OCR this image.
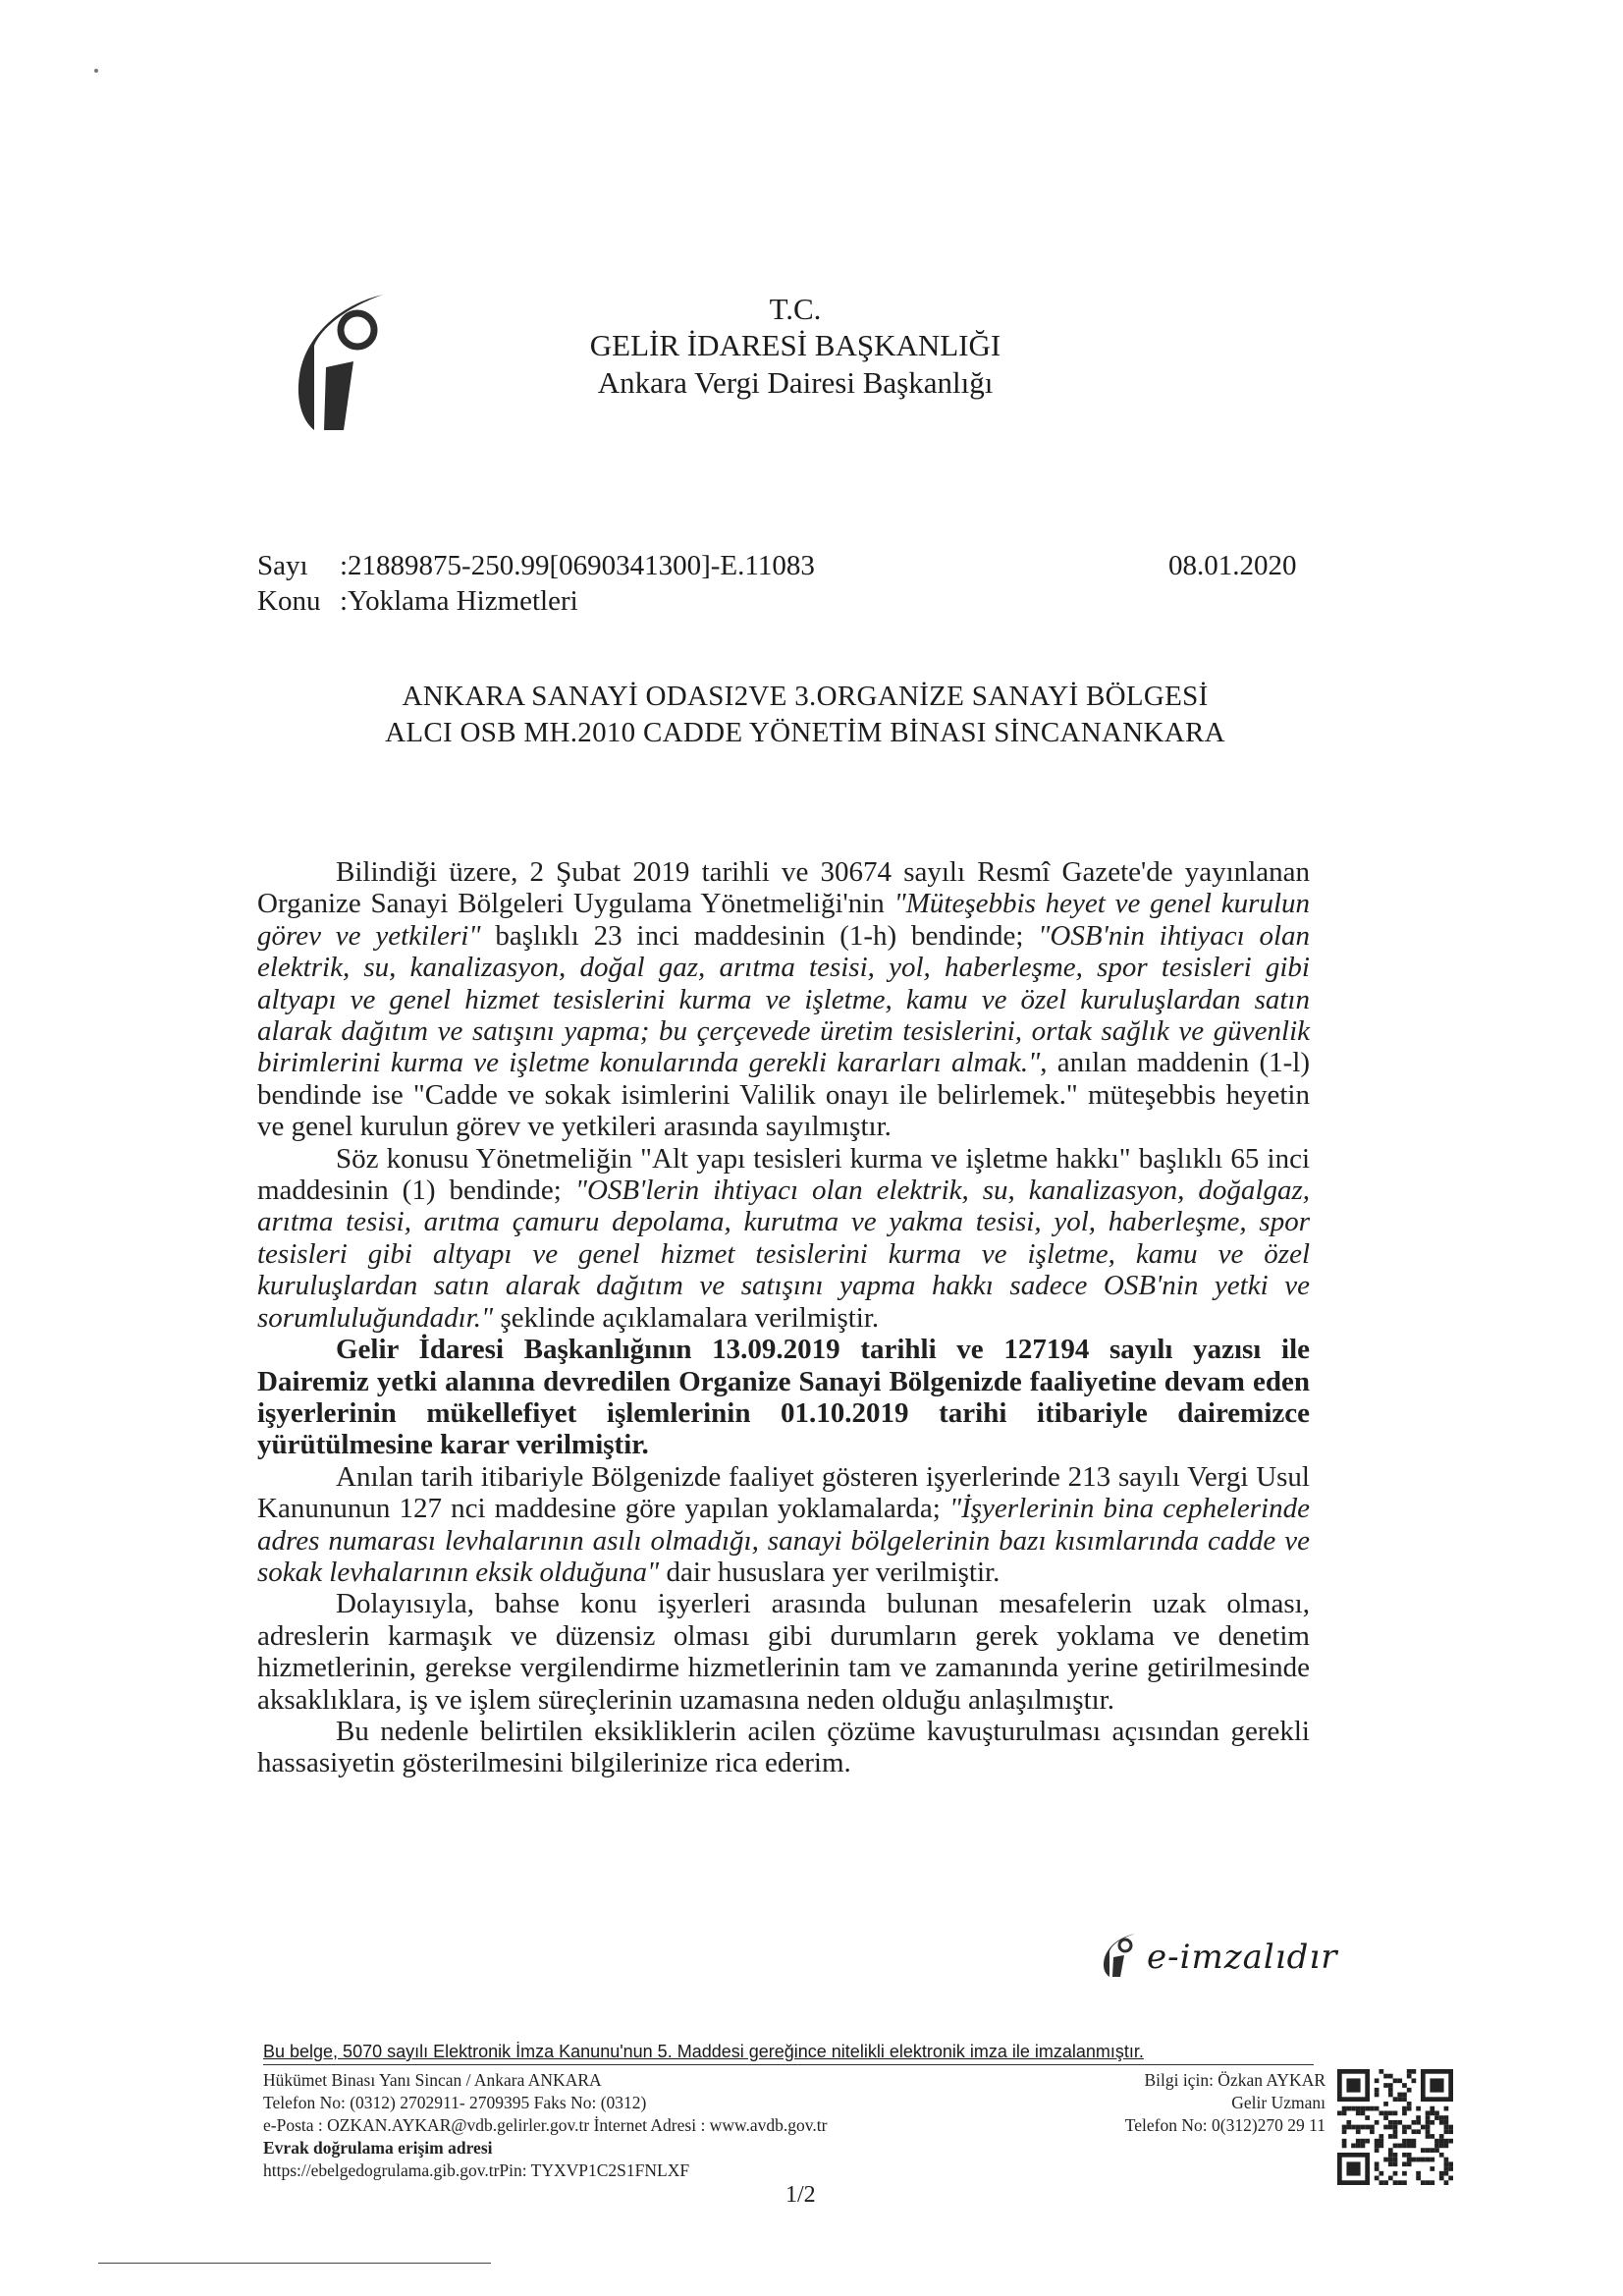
T.C.
GELİR İDARESİ BAŞKANLIĞI
Ankara Vergi Dairesi Başkanlığı
Sayı :21889875-250.99[0690341300]-E.11083
Konu :Yoklama Hizmetleri
08.01.2020
ANKARA SANAYİ ODASI2VE 3.ORGANİZE SANAYİ BÖLGESİ
ALCI OSB MH.2010 CADDE YÖNETİM BİNASI SİNCANANKARA

Bilindiği üzere, 2 Şubat 2019 tarihli ve 30674 sayılı Resmî Gazete'de yayınlanan Organize Sanayi Bölgeleri Uygulama Yönetmeliği'nin "Müteşebbis heyet ve genel kurulun görev ve yetkileri" başlıklı 23 inci maddesinin (1-h) bendinde; "OSB'nin ihtiyacı olan elektrik, su, kanalizasyon, doğal gaz, arıtma tesisi, yol, haberleşme, spor tesisleri gibi altyapı ve genel hizmet tesislerini kurma ve işletme, kamu ve özel kuruluşlardan satın alarak dağıtım ve satışını yapma; bu çerçevede üretim tesislerini, ortak sağlık ve güvenlik birimlerini kurma ve işletme konularında gerekli kararları almak.", anılan maddenin (1-l) bendinde ise "Cadde ve sokak isimlerini Valilik onayı ile belirlemek." müteşebbis heyetin ve genel kurulun görev ve yetkileri arasında sayılmıştır.

Söz konusu Yönetmeliğin "Alt yapı tesisleri kurma ve işletme hakkı" başlıklı 65 inci maddesinin (1) bendinde; "OSB'lerin ihtiyacı olan elektrik, su, kanalizasyon, doğalgaz, arıtma tesisi, arıtma çamuru depolama, kurutma ve yakma tesisi, yol, haberleşme, spor tesisleri gibi altyapı ve genel hizmet tesislerini kurma ve işletme, kamu ve özel kuruluşlardan satın alarak dağıtım ve satışını yapma hakkı sadece OSB'nin yetki ve sorumluluğundadır." şeklinde açıklamalara verilmiştir.

Gelir İdaresi Başkanlığının 13.09.2019 tarihli ve 127194 sayılı yazısı ile Dairemiz yetki alanına devredilen Organize Sanayi Bölgenizde faaliyetine devam eden işyerlerinin mükellefiyet işlemlerinin 01.10.2019 tarihi itibariyle dairemizce yürütülmesine karar verilmiştir.

Anılan tarih itibariyle Bölgenizde faaliyet gösteren işyerlerinde 213 sayılı Vergi Usul Kanununun 127 nci maddesine göre yapılan yoklamalarda; "İşyerlerinin bina cephelerinde adres numarası levhalarının asılı olmadığı, sanayi bölgelerinin bazı kısımlarında cadde ve sokak levhalarının eksik olduğuna" dair hususlara yer verilmiştir.

Dolayısıyla, bahse konu işyerleri arasında bulunan mesafelerin uzak olması, adreslerin karmaşık ve düzensiz olması gibi durumların gerek yoklama ve denetim hizmetlerinin, gerekse vergilendirme hizmetlerinin tam ve zamanında yerine getirilmesinde aksaklıklara, iş ve işlem süreçlerinin uzamasına neden olduğu anlaşılmıştır.

Bu nedenle belirtilen eksikliklerin acilen çözüme kavuşturulması açısından gerekli hassasiyetin gösterilmesini bilgilerinize rica ederim.

e-imzalıdır
Bu belge, 5070 sayılı Elektronik İmza Kanunu'nun 5. Maddesi gereğince nitelikli elektronik imza ile imzalanmıştır.
Hükümet Binası Yanı Sincan / Ankara ANKARA
Telefon No: (0312) 2702911- 2709395 Faks No: (0312)
e-Posta : OZKAN.AYKAR@vdb.gelirler.gov.tr İnternet Adresi : www.avdb.gov.tr
Evrak doğrulama erişim adresi
https://ebelgedogrulama.gib.gov.trPin: TYXVP1C2S1FNLXF
Bilgi için: Özkan AYKAR
Gelir Uzmanı
Telefon No: 0(312)270 29 11
1/2
